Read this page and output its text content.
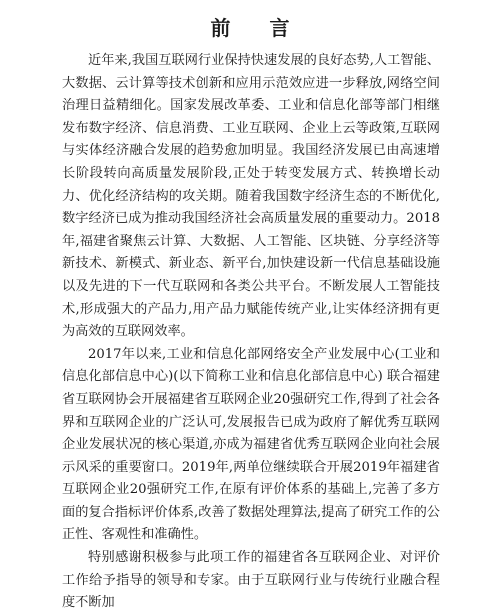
前 言

近年来,我国互联网行业保持快速发展的良好态势,人工智能、大数据、云计算等技术创新和应用示范效应进一步释放,网络空间治理日益精细化。国家发展改革委、工业和信息化部等部门相继发布数字经济、信息消费、工业互联网、企业上云等政策,互联网与实体经济融合发展的趋势愈加明显。我国经济发展已由高速增长阶段转向高质量发展阶段,正处于转变发展方式、转换增长动力、优化经济结构的攻关期。随着我国数字经济生态的不断优化,数字经济已成为推动我国经济社会高质量发展的重要动力。2018年,福建省聚焦云计算、大数据、人工智能、区块链、分享经济等新技术、新模式、新业态、新平台,加快建设新一代信息基础设施以及先进的下一代互联网和各类公共平台。不断发展人工智能技术,形成强大的产品力,用产品力赋能传统产业,让实体经济拥有更为高效的互联网效率。

2017年以来,工业和信息化部网络安全产业发展中心(工业和信息化部信息中心)(以下简称工业和信息化部信息中心) 联合福建省互联网协会开展福建省互联网企业20强研究工作,得到了社会各界和互联网企业的广泛认可,发展报告已成为政府了解优秀互联网企业发展状况的核心渠道,亦成为福建省优秀互联网企业向社会展示风采的重要窗口。2019年,两单位继续联合开展2019年福建省互联网企业20强研究工作,在原有评价体系的基础上,完善了多方面的复合指标评价体系,改善了数据处理算法,提高了研究工作的公正性、客观性和准确性。

特别感谢积极参与此项工作的福建省各互联网企业、对评价工作给予指导的领导和专家。由于互联网行业与传统行业融合程度不断加
